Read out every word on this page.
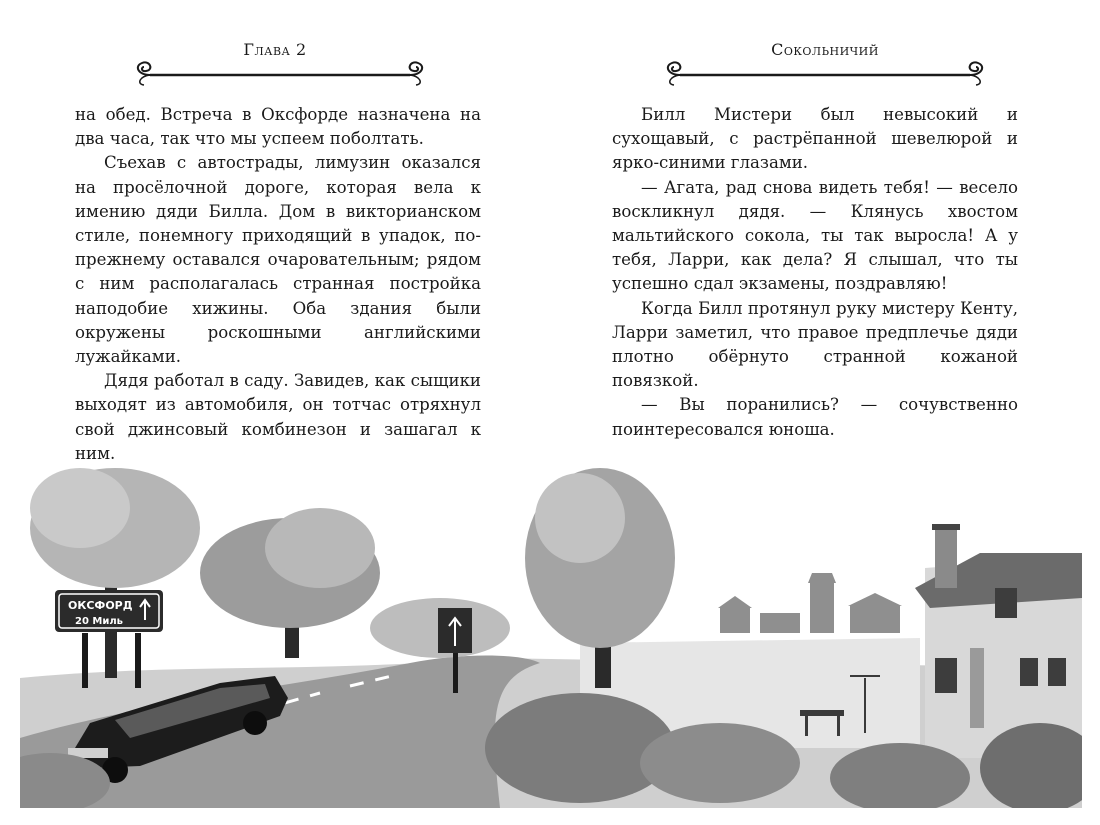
Глава 2

на обед. Встреча в Оксфорде назначена на два часа, так что мы успеем поболтать.

Съехав с автострады, лимузин оказался на просёлочной дороге, которая вела к имению дяди Билла. Дом в викторианском стиле, понемногу приходящий в упадок, по-прежнему оставался очаровательным; рядом с ним располагалась странная постройка наподобие хижины. Оба здания были окружены роскошными английскими лужайками.

Дядя работал в саду. Завидев, как сыщики выходят из автомобиля, он тотчас отряхнул свой джинсовый комбинезон и зашагал к ним.

Сокольничий

Билл Мистери был невысокий и сухощавый, с растрёпанной шевелюрой и ярко-синими глазами.

— Агата, рад снова видеть тебя! — весело воскликнул дядя. — Клянусь хвостом мальтийского сокола, ты так выросла! А у тебя, Ларри, как дела? Я слышал, что ты успешно сдал экзамены, поздравляю!

Когда Билл протянул руку мистеру Кенту, Ларри заметил, что правое предплечье дяди плотно обёрнуто странной кожаной повязкой.

— Вы поранились? — сочувственно поинтересовался юноша.

ОКСФОРД
20 Миль
